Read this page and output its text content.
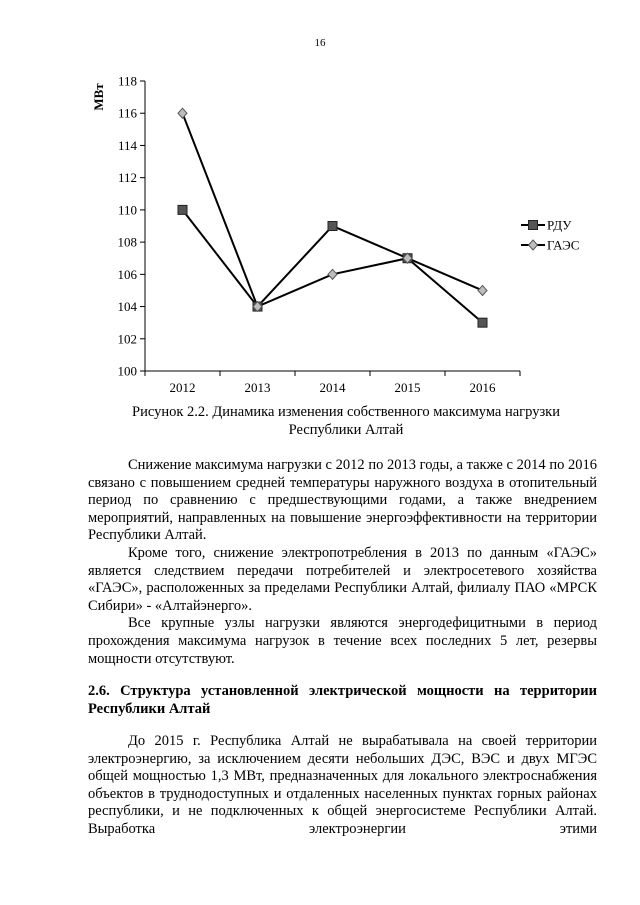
16
118
116
114
112
110
108
106
104
102
100
2012	2013	2014	2015	2016
МВт
РДУ
ГАЭС
Рисунок 2.2. Динамика изменения собственного максимума нагрузки
Республики Алтай

Снижение максимума нагрузки с 2012 по 2013 годы, а также с 2014 по 2016 связано с повышением средней температуры наружного воздуха в отопительный период по сравнению с предшествующими годами, а также внедрением мероприятий, направленных на повышение энергоэффективности на территории Республики Алтай.

Кроме того, снижение электропотребления в 2013 по данным «ГАЭС» является следствием передачи потребителей и электросетевого хозяйства «ГАЭС», расположенных за пределами Республики Алтай, филиалу ПАО «МРСК Сибири» - «Алтайэнерго».

Все крупные узлы нагрузки являются энергодефицитными в период прохождения максимума нагрузок в течение всех последних 5 лет, резервы мощности отсутствуют.

2.6. Структура установленной электрической мощности на территории Республики Алтай

До 2015 г. Республика Алтай не вырабатывала на своей территории электроэнергию, за исключением десяти небольших ДЭС, ВЭС и двух МГЭС общей мощностью 1,3 МВт, предназначенных для локального электроснабжения объектов в труднодоступных и отдаленных населенных пунктах горных районах республики, и не подключенных к общей энергосистеме Республики Алтай. Выработка электроэнергии этими
